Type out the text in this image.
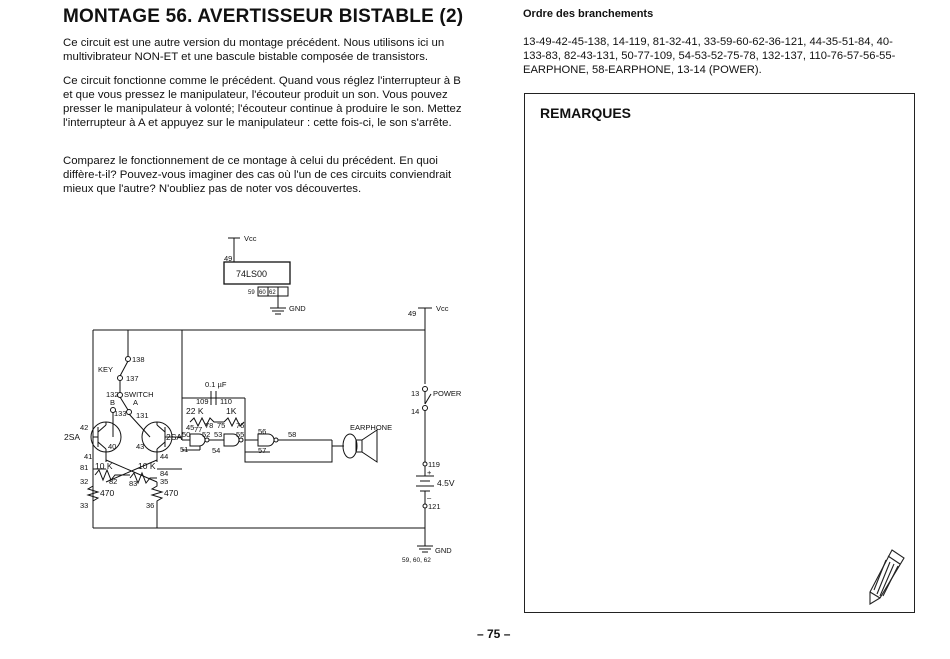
MONTAGE 56. AVERTISSEUR BISTABLE (2)

Ce circuit est une autre version du montage précédent. Nous utilisons ici un multivibrateur NON-ET et une bascule bistable composée de transistors.

Ce circuit fonctionne comme le précédent. Quand vous réglez l'interrupteur à B et que vous pressez le manipulateur, l'écouteur produit un son. Vous pouvez presser le manipulateur à volonté; l'écouteur continue à produire le son. Mettez l'interrupteur à A et appuyez sur le manipulateur : cette fois-ci, le son s'arrête.

Comparez le fonctionnement de ce montage à celui du précédent. En quoi diffère-t-il? Pouvez-vous imaginer des cas où l'un de ces circuits conviendrait mieux que l'autre? N'oubliez pas de noter vos découvertes.

Ordre des branchements

13-49-42-45-138, 14-119, 81-32-41, 33-59-60-62-36-121, 44-35-51-84, 40-133-83, 82-43-131, 50-77-109, 54-53-52-75-78, 132-137, 110-76-57-56-55-EARPHONE, 58-EARPHONE, 13-14 (POWER).

REMARQUES
– 75 –
Vcc
49
74LS00
59 60 62
GND	Vcc
49
KEY
138
137
132 SWITCH
B A
133 131
0.1 µF
109 110
22 K	1K
77 78 75 76
42	45
2SA	2SA
40	43
41	44
50 52 53 55
54
56	58
57
51
EARPHONE
81 10 K	10 K
84
32	82 83	35
470	470
33	36
13 POWER
14
119
+
4.5V
–
121
GND
59, 60, 62
